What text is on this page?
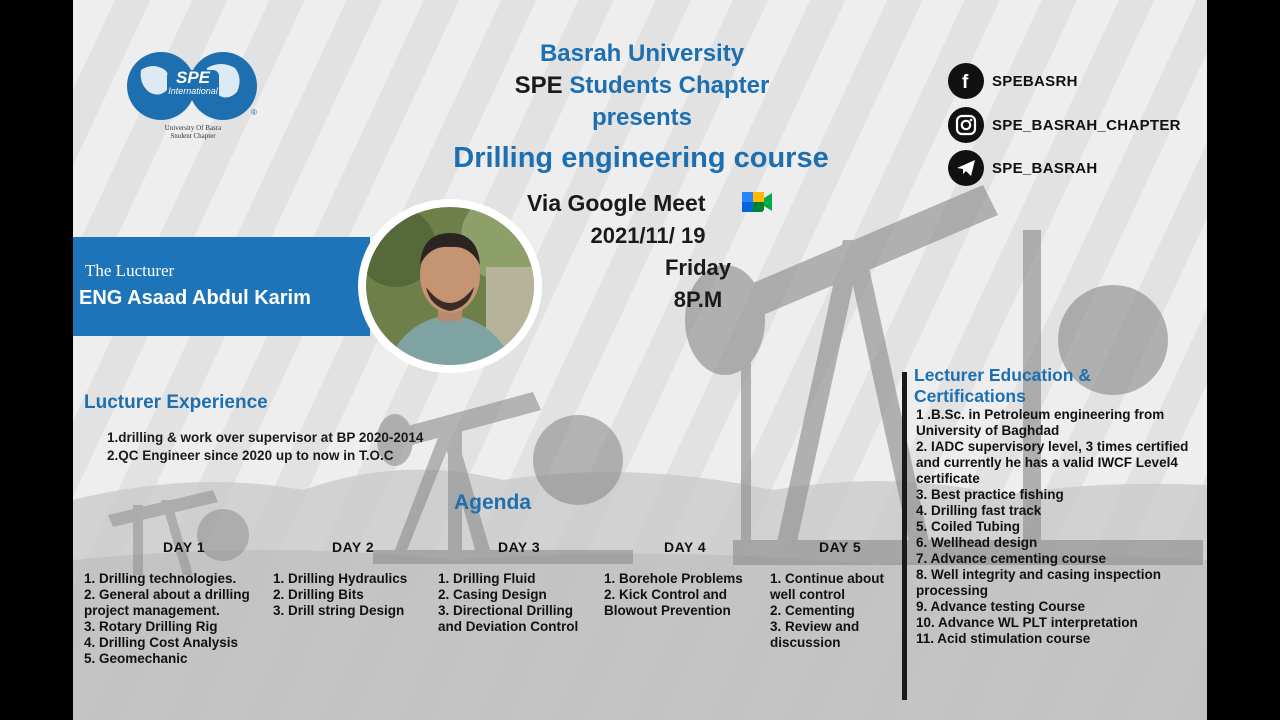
SPE
International
®
University Of Basra
Student Chapter
Basrah University
SPE Students Chapter
presents
Drilling engineering course
Via Google Meet
2021/11/ 19
Friday
8P.M
f SPEBASRH
SPE_BASRAH_CHAPTER
SPE_BASRAH
The Lucturer
ENG Asaad Abdul Karim
Lucturer Experience
1.drilling & work over supervisor at BP 2020-2014
2.QC Engineer since 2020 up to now in T.O.C
Agenda
DAY 1
1. Drilling technologies.
2. General about a drilling project management.
3. Rotary Drilling Rig
4. Drilling Cost Analysis
5. Geomechanic
DAY 2
1. Drilling Hydraulics
2. Drilling Bits
3. Drill string Design
DAY 3
1. Drilling Fluid
2. Casing Design
3. Directional Drilling and Deviation Control
DAY 4
1. Borehole Problems
2. Kick Control and Blowout Prevention
DAY 5
1. Continue about well control
2. Cementing
3. Review and discussion
Lecturer Education & Certifications
1 .B.Sc. in Petroleum engineering from University of Baghdad
2. IADC supervisory level, 3 times certified and currently he has a valid IWCF Level4 certificate
3. Best practice fishing
4. Drilling fast track
5. Coiled Tubing
6. Wellhead design
7. Advance cementing course
8. Well integrity and casing inspection processing
9. Advance testing Course
10. Advance WL PLT interpretation
11. Acid stimulation course
